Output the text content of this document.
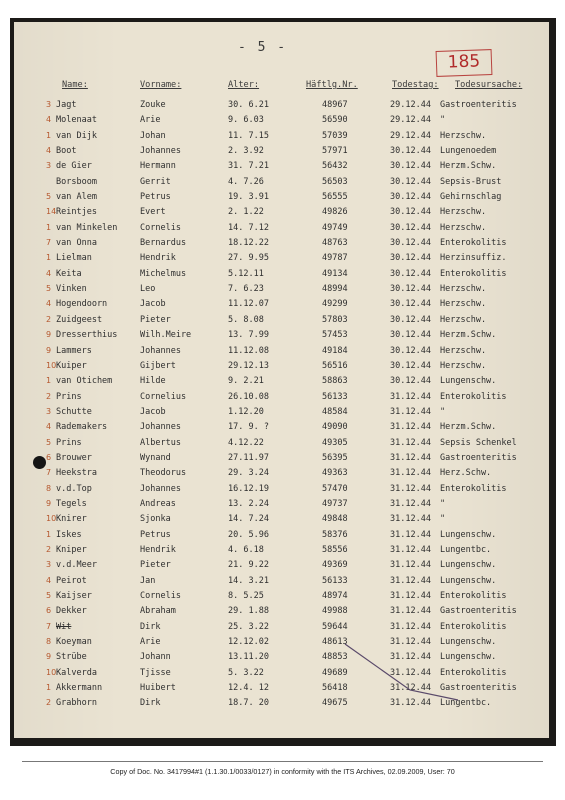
- 5 -
185
Name:	Vorname:	Alter:	Häftlg.Nr.	Todestag: Todesursache:
3 Jagt	Zouke	30. 6.21	48967	29.12.44	Gastroenteritis
4 Molenaat	Arie	9. 6.03	56590	29.12.44	"
1 van Dijk	Johan	11. 7.15	57039	29.12.44	Herzschw.
4 Boot	Johannes	2. 3.92	57971	30.12.44	Lungenoedem
3 de Gier	Hermann	31. 7.21	56432	30.12.44	Herzm.Schw.
Borsboom	Gerrit	4. 7.26	56503	30.12.44	Sepsis-Brust
5 van Alem	Petrus	19. 3.91	56555	30.12.44	Gehirnschlag
14 Reintjes	Evert	2. 1.22	49826	30.12.44	Herzschw.
1 van Minkelen	Cornelis	14. 7.12	49749	30.12.44	Herzschw.
7 van Onna	Bernardus	18.12.22	48763	30.12.44	Enterokolitis
1 Lielman	Hendrik	27. 9.95	49787	30.12.44	Herzinsuffiz.
4 Keita	Michelmus	5.12.11	49134	30.12.44	Enterokolitis
5 Vinken	Leo	7. 6.23	48994	30.12.44	Herzschw.
4 Hogendoorn	Jacob	11.12.07	49299	30.12.44	Herzschw.
2 Zuidgeest	Pieter	5. 8.08	57803	30.12.44	Herzschw.
9 Dresserthius	Wilh.Meire	13. 7.99	57453	30.12.44	Herzm.Schw.
9 Lammers	Johannes	11.12.08	49184	30.12.44	Herzschw.
10 Kuiper	Gijbert	29.12.13	56516	30.12.44	Herzschw.
1 van Otichem	Hilde	9. 2.21	58863	30.12.44	Lungenschw.
2 Prins	Cornelius	26.10.08	56133	31.12.44	Enterokolitis
3 Schutte	Jacob	1.12.20	48584	31.12.44	"
4 Rademakers	Johannes	17. 9. ?	49090	31.12.44	Herzm.Schw.
5 Prins	Albertus	4.12.22	49305	31.12.44	Sepsis Schenkel
6 Brouwer	Wynand	27.11.97	56395	31.12.44	Gastroenteritis
7 Heekstra	Theodorus	29. 3.24	49363	31.12.44	Herz.Schw.
8 v.d.Top	Johannes	16.12.19	57470	31.12.44	Enterokolitis
9 Tegels	Andreas	13. 2.24	49737	31.12.44	"
10 Knirer	Sjonka	14. 7.24	49848	31.12.44	"
1 Iskes	Petrus	20. 5.96	58376	31.12.44	Lungenschw.
2 Kniper	Hendrik	4. 6.18	58556	31.12.44	Lungentbc.
3 v.d.Meer	Pieter	21. 9.22	49369	31.12.44	Lungenschw.
4 Peirot	Jan	14. 3.21	56133	31.12.44	Lungenschw.
5 Kaijser	Cornelis	8. 5.25	48974	31.12.44	Enterokolitis
6 Dekker	Abraham	29. 1.88	49988	31.12.44	Gastroenteritis
7 Wit	Dirk	25. 3.22	59644	31.12.44	Enterokolitis
8 Koeyman	Arie	12.12.02	48613	31.12.44	Lungenschw.
9 Strübe	Johann	13.11.20	48853	31.12.44	Lungenschw.
10 Kalverda	Tjisse	5. 3.22	49689	31.12.44	Enterokolitis
1 Akkermann	Huibert	12.4. 12	56418	31.12.44	Gastroenteritis
2 Grabhorn	Dirk	18.7. 20	49675	31.12.44	Lungentbc.
Copy of Doc. No. 3417994#1 (1.1.30.1/0033/0127) in conformity with the ITS Archives, 02.09.2009, User: 70
